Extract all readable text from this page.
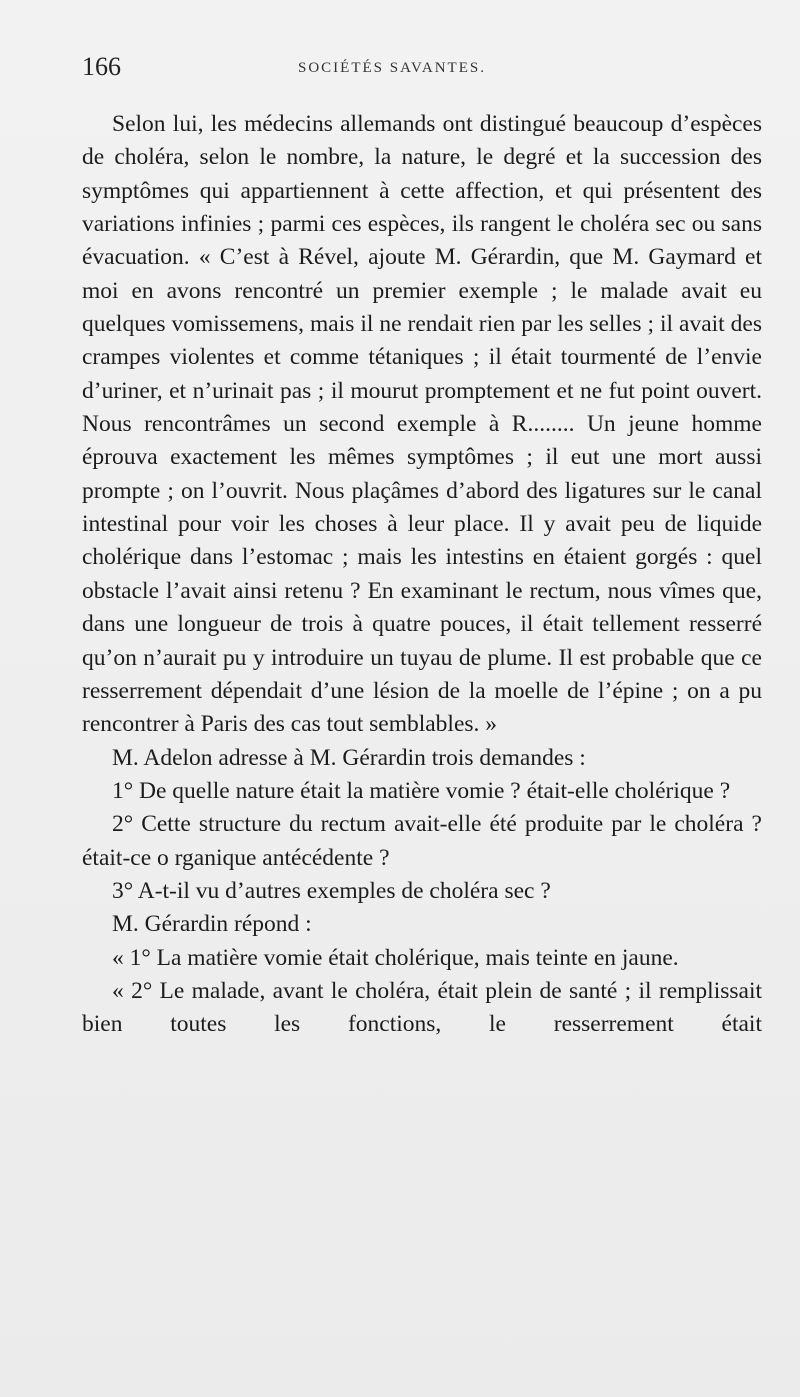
166	SOCIÉTÉS SAVANTES.

Selon lui, les médecins allemands ont distingué beaucoup d’espèces de choléra, selon le nombre, la nature, le degré et la succession des symptômes qui appartiennent à cette affection, et qui présentent des variations infinies ; parmi ces espèces, ils rangent le choléra sec ou sans évacuation. « C’est à Rével, ajoute M. Gérardin, que M. Gaymard et moi en avons rencontré un premier exemple ; le malade avait eu quelques vomissemens, mais il ne rendait rien par les selles ; il avait des crampes violentes et comme tétaniques ; il était tourmenté de l’envie d’uriner, et n’urinait pas ; il mourut promptement et ne fut point ouvert. Nous rencontrâmes un second exemple à R........ Un jeune homme éprouva exactement les mêmes symptômes ; il eut une mort aussi prompte ; on l’ouvrit. Nous plaçâmes d’abord des ligatures sur le canal intestinal pour voir les choses à leur place. Il y avait peu de liquide cholérique dans l’estomac ; mais les intestins en étaient gorgés : quel obstacle l’avait ainsi retenu ? En examinant le rectum, nous vîmes que, dans une longueur de trois à quatre pouces, il était tellement resserré qu’on n’aurait pu y introduire un tuyau de plume. Il est probable que ce resserrement dépendait d’une lésion de la moelle de l’épine ; on a pu rencontrer à Paris des cas tout semblables. »

M. Adelon adresse à M. Gérardin trois demandes :

1° De quelle nature était la matière vomie ? était-elle cholérique ?

2° Cette structure du rectum avait-elle été produite par le choléra ? était-ce o rganique antécédente ?

3° A-t-il vu d’autres exemples de choléra sec ?

M. Gérardin répond :

« 1° La matière vomie était cholérique, mais teinte en jaune.

« 2° Le malade, avant le choléra, était plein de santé ; il remplissait bien toutes les fonctions, le resserrement était
